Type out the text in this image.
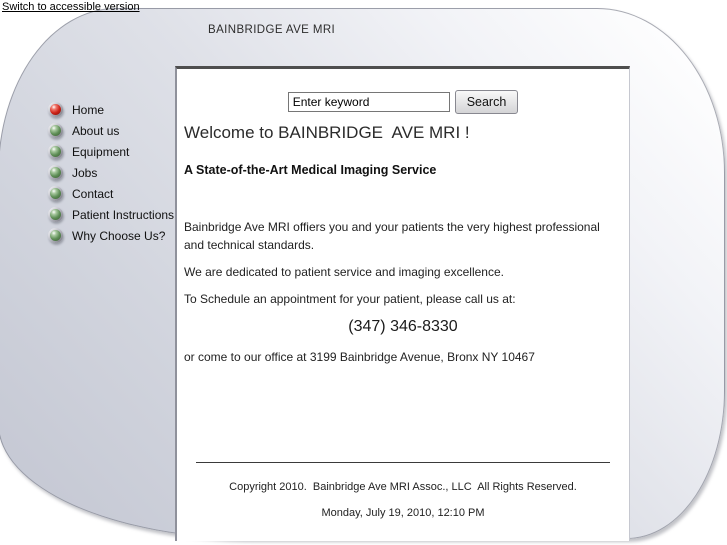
Switch to accessible version
BAINBRIDGE AVE MRI
Home
About us
Equipment
Jobs
Contact
Patient Instructions
Why Choose Us?
Enter keyword
Search
Welcome to BAINBRIDGE  AVE MRI !
A State-of-the-Art Medical Imaging Service

Bainbridge Ave MRI offiers you and your patients the very highest professional and technical standards.

We are dedicated to patient service and imaging excellence.

To Schedule an appointment for your patient, please call us at:

(347) 346-8330

or come to our office at 3199 Bainbridge Avenue, Bronx NY 10467

Copyright 2010.  Bainbridge Ave MRI Assoc., LLC  All Rights Reserved.
Monday, July 19, 2010, 12:10 PM
